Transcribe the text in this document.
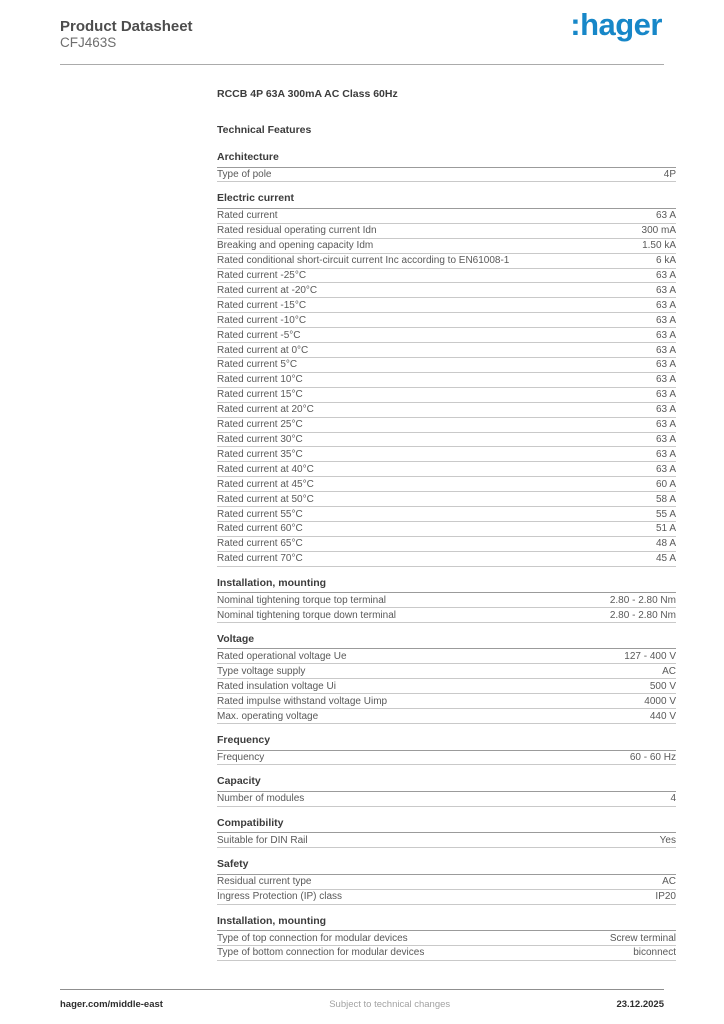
Product Datasheet
CFJ463S
:hager
RCCB 4P 63A 300mA AC Class 60Hz
Technical Features
Architecture
Type of pole	4P
Electric current
Rated current	63 A
Rated residual operating current Idn	300 mA
Breaking and opening capacity Idm	1.50 kA
Rated conditional short-circuit current Inc according to EN61008-1	6 kA
Rated current -25°C	63 A
Rated current at -20°C	63 A
Rated current -15°C	63 A
Rated current -10°C	63 A
Rated current -5°C	63 A
Rated current at 0°C	63 A
Rated current 5°C	63 A
Rated current 10°C	63 A
Rated current 15°C	63 A
Rated current at 20°C	63 A
Rated current 25°C	63 A
Rated current 30°C	63 A
Rated current 35°C	63 A
Rated current at 40°C	63 A
Rated current at 45°C	60 A
Rated current at 50°C	58 A
Rated current 55°C	55 A
Rated current 60°C	51 A
Rated current 65°C	48 A
Rated current 70°C	45 A
Installation, mounting
Nominal tightening torque top terminal	2.80 - 2.80 Nm
Nominal tightening torque down terminal	2.80 - 2.80 Nm
Voltage
Rated operational voltage Ue	127 - 400 V
Type voltage supply	AC
Rated insulation voltage Ui	500 V
Rated impulse withstand voltage Uimp	4000 V
Max. operating voltage	440 V
Frequency
Frequency	60 - 60 Hz
Capacity
Number of modules	4
Compatibility
Suitable for DIN Rail	Yes
Safety
Residual current type	AC
Ingress Protection (IP) class	IP20
Installation, mounting
Type of top connection for modular devices	Screw terminal
Type of bottom connection for modular devices	biconnect
hager.com/middle-east	Subject to technical changes	23.12.2025
